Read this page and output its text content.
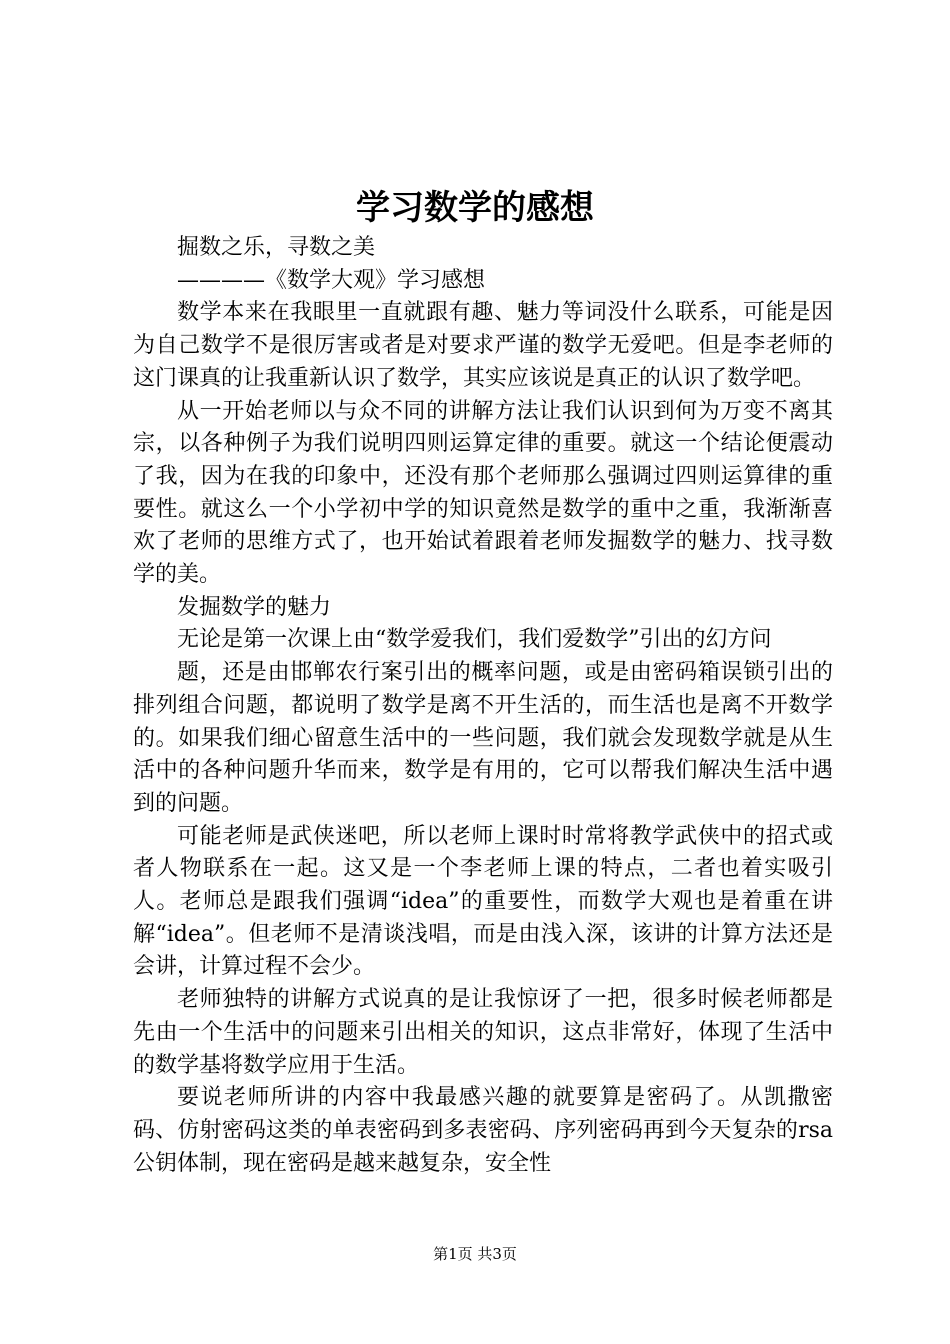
学习数学的感想

掘数之乐，寻数之美

————《数学大观》学习感想

数学本来在我眼里一直就跟有趣、魅力等词没什么联系，可能是因为自己数学不是很厉害或者是对要求严谨的数学无爱吧。但是李老师的这门课真的让我重新认识了数学，其实应该说是真正的认识了数学吧。

从一开始老师以与众不同的讲解方法让我们认识到何为万变不离其宗，以各种例子为我们说明四则运算定律的重要。就这一个结论便震动了我，因为在我的印象中，还没有那个老师那么强调过四则运算律的重要性。就这么一个小学初中学的知识竟然是数学的重中之重，我渐渐喜欢了老师的思维方式了，也开始试着跟着老师发掘数学的魅力、找寻数学的美。

发掘数学的魅力

无论是第一次课上由“数学爱我们，我们爱数学”引出的幻方问

题，还是由邯郸农行案引出的概率问题，或是由密码箱误锁引出的排列组合问题，都说明了数学是离不开生活的，而生活也是离不开数学的。如果我们细心留意生活中的一些问题，我们就会发现数学就是从生活中的各种问题升华而来，数学是有用的，它可以帮我们解决生活中遇到的问题。

可能老师是武侠迷吧，所以老师上课时时常将教学武侠中的招式或者人物联系在一起。这又是一个李老师上课的特点，二者也着实吸引人。老师总是跟我们强调“idea”的重要性，而数学大观也是着重在讲解“idea”。但老师不是清谈浅唱，而是由浅入深，该讲的计算方法还是会讲，计算过程不会少。

老师独特的讲解方式说真的是让我惊讶了一把，很多时候老师都是先由一个生活中的问题来引出相关的知识，这点非常好，体现了生活中的数学基将数学应用于生活。

要说老师所讲的内容中我最感兴趣的就要算是密码了。从凯撒密码、仿射密码这类的单表密码到多表密码、序列密码再到今天复杂的rsa公钥体制，现在密码是越来越复杂，安全性

第1页 共3页
